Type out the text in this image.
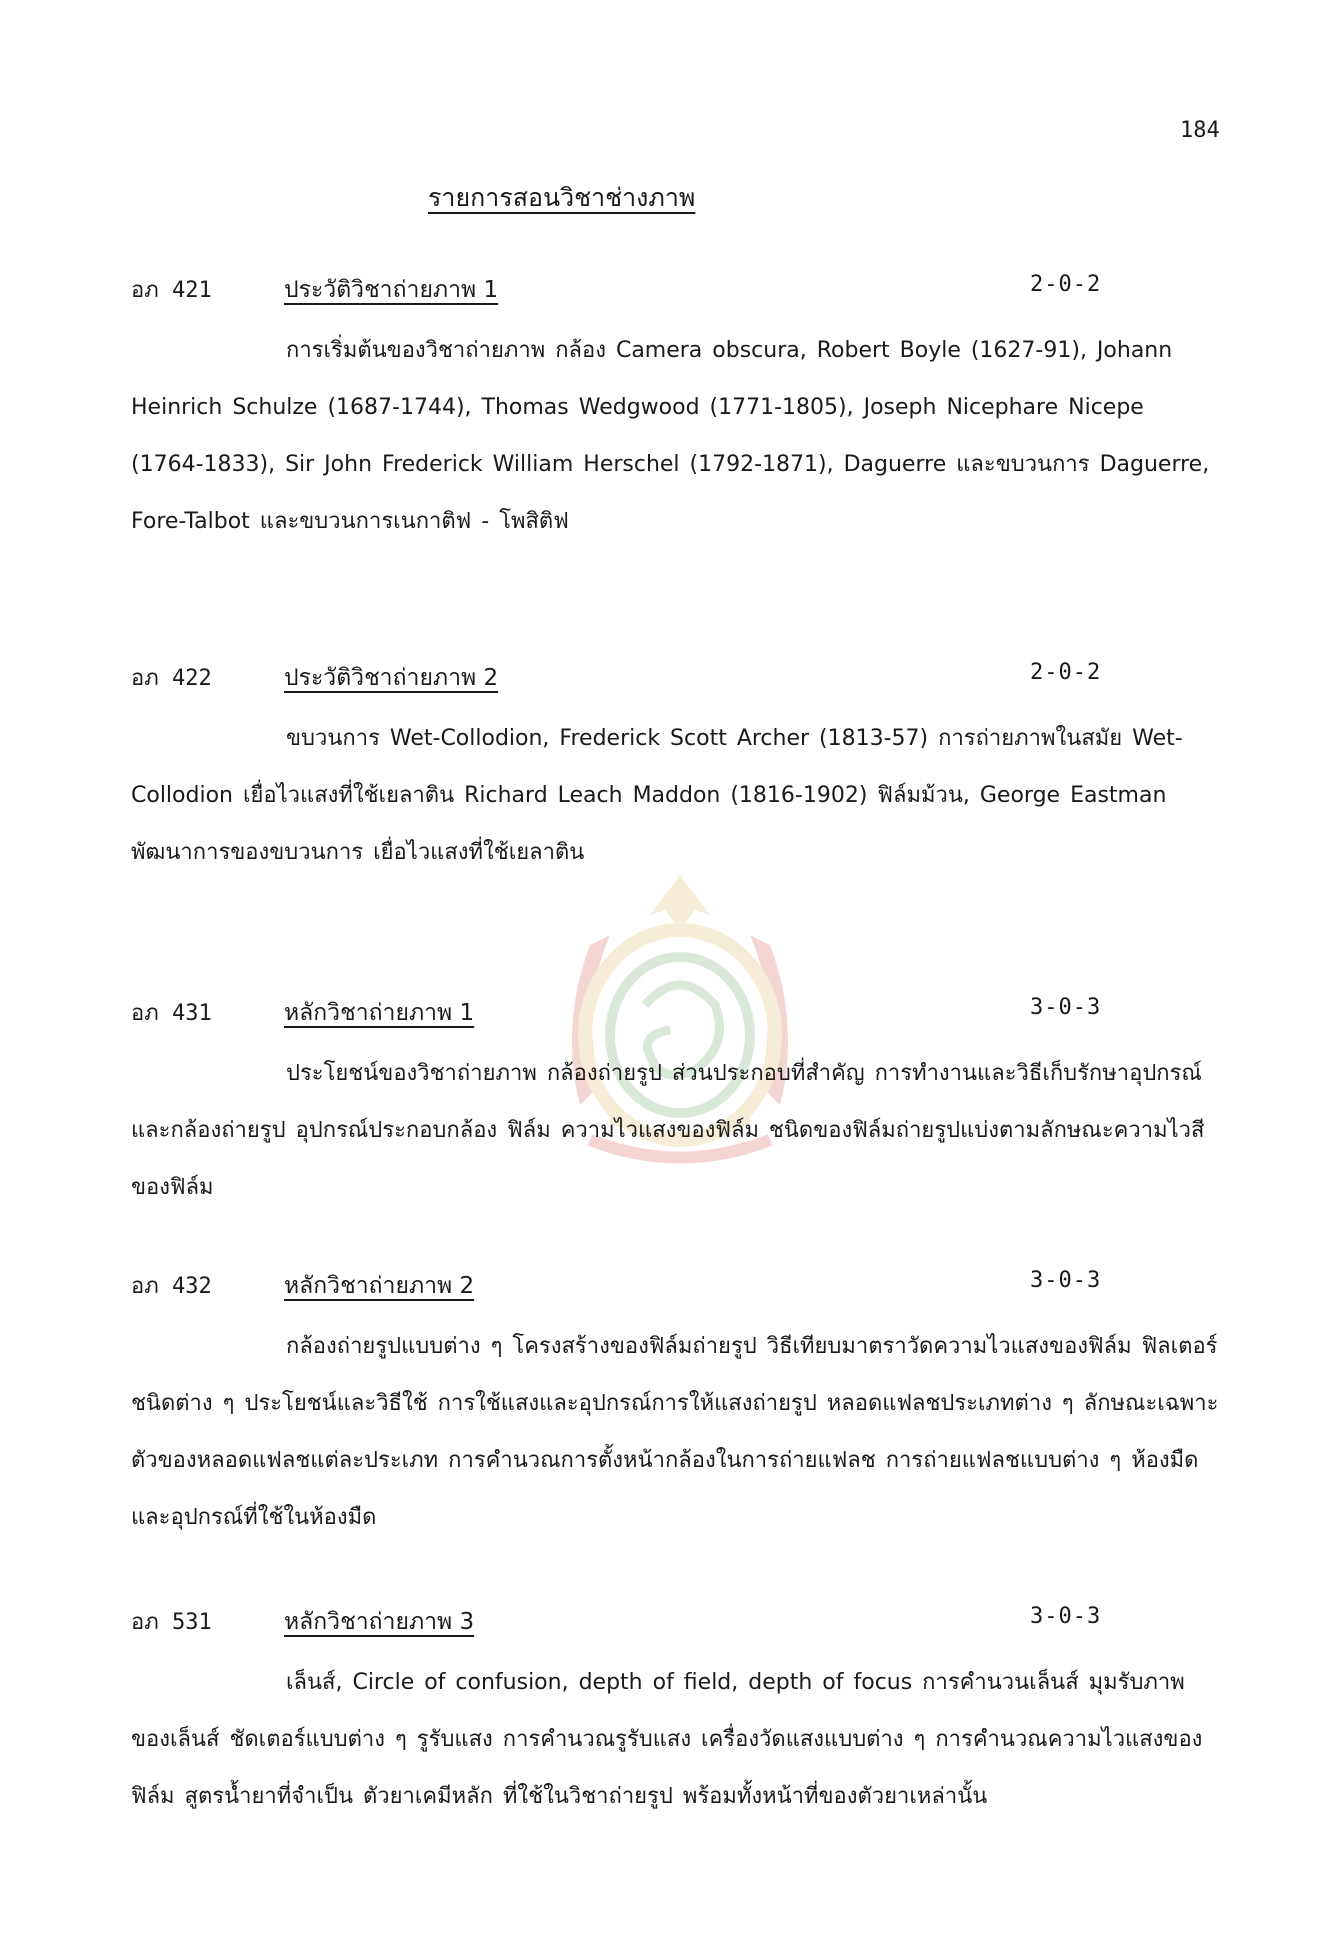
184
รายการสอนวิชาช่างภาพ
อภ 421	ประวัติวิชาถ่ายภาพ 1	2-0-2
การเริ่มต้นของวิชาถ่ายภาพ กล้อง Camera obscura, Robert Boyle (1627-91), Johann Heinrich Schulze (1687-1744), Thomas Wedgwood (1771-1805), Joseph Nicephare Nicepe (1764-1833), Sir John Frederick William Herschel (1792-1871), Daguerre และขบวนการ Daguerre, Fore-Talbot และขบวนการเนกาติฟ - โพสิติฟ
อภ 422	ประวัติวิชาถ่ายภาพ 2	2-0-2
ขบวนการ Wet-Collodion, Frederick Scott Archer (1813-57) การถ่ายภาพในสมัย Wet-Collodion เยื่อไวแสงที่ใช้เยลาติน Richard Leach Maddon (1816-1902) ฟิล์มม้วน, George Eastman พัฒนาการของขบวนการ เยื่อไวแสงที่ใช้เยลาติน
อภ 431	หลักวิชาถ่ายภาพ 1	3-0-3
ประโยชน์ของวิชาถ่ายภาพ กล้องถ่ายรูป ส่วนประกอบที่สำคัญ การทำงานและวิธีเก็บรักษาอุปกรณ์และกล้องถ่ายรูป อุปกรณ์ประกอบกล้อง ฟิล์ม ความไวแสงของฟิล์ม ชนิดของฟิล์มถ่ายรูปแบ่งตามลักษณะความไวสีของฟิล์ม
อภ 432	หลักวิชาถ่ายภาพ 2	3-0-3
กล้องถ่ายรูปแบบต่าง ๆ โครงสร้างของฟิล์มถ่ายรูป วิธีเทียบมาตราวัดความไวแสงของฟิล์ม ฟิลเตอร์ชนิดต่าง ๆ ประโยชน์และวิธีใช้ การใช้แสงและอุปกรณ์การให้แสงถ่ายรูป หลอดแฟลชประเภทต่าง ๆ ลักษณะเฉพาะตัวของหลอดแฟลชแต่ละประเภท การคำนวณการตั้งหน้ากล้องในการถ่ายแฟลช การถ่ายแฟลชแบบต่าง ๆ ห้องมืดและอุปกรณ์ที่ใช้ในห้องมืด
อภ 531	หลักวิชาถ่ายภาพ 3	3-0-3
เล็นส์, Circle of confusion, depth of field, depth of focus การคำนวนเล็นส์ มุมรับภาพของเล็นส์ ชัดเตอร์แบบต่าง ๆ รูรับแสง การคำนวณรูรับแสง เครื่องวัดแสงแบบต่าง ๆ การคำนวณความไวแสงของฟิล์ม สูตรน้ำยาที่จำเป็น ตัวยาเคมีหลัก ที่ใช้ในวิชาถ่ายรูป พร้อมทั้งหน้าที่ของตัวยาเหล่านั้น
